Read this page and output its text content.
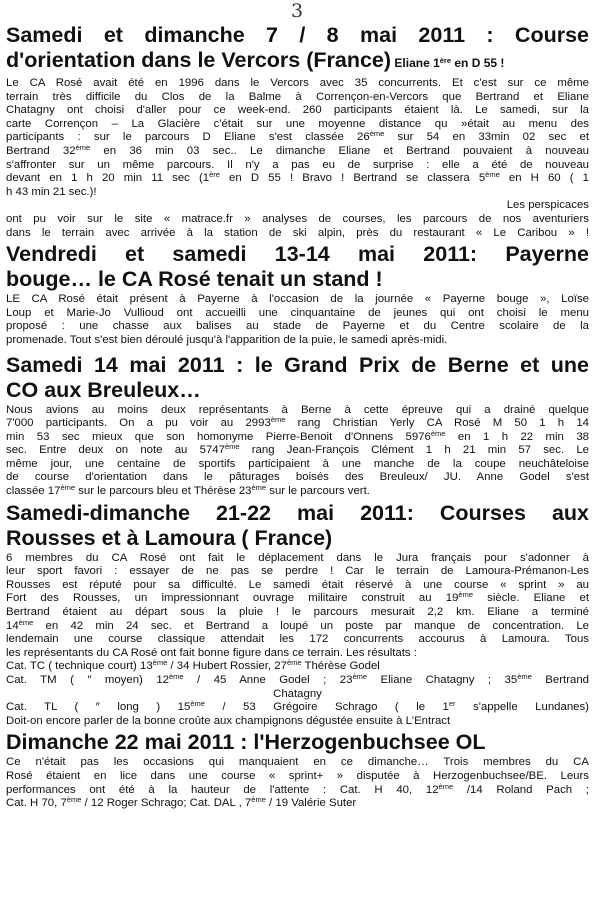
3
Samedi et dimanche 7 / 8 mai 2011 : Course
d'orientation dans le Vercors (France) Eliane 1ère en D 55 !
Le CA Rosé avait été en 1996 dans le Vercors avec 35 concurrents. Et c'est sur ce même
terrain très difficile du Clos de la Balme à Corrençon-en-Vercors que Bertrand et Eliane
Chatagny ont choisi d'aller pour ce week-end. 260 participants étaient là. Le samedi, sur la
carte Corrençon – La Glacière c'était sur une moyenne distance qu »était au menu des
participants : sur le parcours D Eliane s'est classée 26ème sur 54 en 33min 02 sec et
Bertrand 32ème en 36 min 03 sec.. Le dimanche Eliane et Bertrand pouvaient à nouveau
s'affronter sur un même parcours. Il n'y a pas eu de surprise : elle a été de nouveau
devant en 1 h 20 min 11 sec (1ère en D 55 ! Bravo ! Bertrand se classera 5ème en H 60 ( 1
h 43 min 21 sec.)!
Les perspicaces
ont pu voir sur le site « matrace.fr » analyses de courses, les parcours de nos aventuriers
dans le terrain avec arrivée à la station de ski alpin, près du restaurant « Le Caribou » !
Vendredi et samedi 13-14 mai 2011: Payerne
bouge… le CA Rosé tenait un stand !
LE CA Rosé était présent à Payerne à l'occasion de la journée « Payerne bouge », Loïse
Loup et Marie-Jo Vullioud ont accueilli une cinquantaine de jeunes qui ont choisi le menu
proposé : une chasse aux balises au stade de Payerne et du Centre scolaire de la
promenade. Tout s'est bien déroulé jusqu'à l'apparition de la puie, le samedi après-midi.
Samedi 14 mai 2011 : le Grand Prix de Berne et une
CO aux Breuleux…
Nous avions au moins deux représentants à Berne à cette épreuve qui a drainé quelque
7'000 participants. On a pu voir au 2993ème rang Christian Yerly CA Rosé M 50 1 h 14
min 53 sec mieux que son homonyme Pierre-Benoit d'Onnens 5976ème en 1 h 22 min 38
sec. Entre deux on note au 5747ème rang Jean-François Clément 1 h 21 min 57 sec. Le
même jour, une centaine de sportifs participaient à une manche de la coupe neuchâteloise
de course d'orientation dans le pâturages boisés des Breuleux/ JU. Anne Godel s'est
classée 17ème sur le parcours bleu et Thérèse 23ème sur le parcours vert.
Samedi-dimanche 21-22 mai 2011: Courses aux
Rousses et à Lamoura ( France)
6 membres du CA Rosé ont fait le déplacement dans le Jura français pour s'adonner à
leur sport favori : essayer de ne pas se perdre ! Car le terrain de Lamoura-Prémanon-Les
Rousses est réputé pour sa difficulté. Le samedi était réservé à une course « sprint » au
Fort des Rousses, un impressionnant ouvrage militaire construit au 19ème siècle. Eliane et
Bertrand étaient au départ sous la pluie ! le parcours mesurait 2,2 km. Eliane a terminé
14ème en 42 min 24 sec. et Bertrand a loupé un poste par manque de concentration. Le
lendemain une course classique attendait les 172 concurrents accourus à Lamoura. Tous
les représentants du CA Rosé ont fait bonne figure dans ce terrain. Les résultats :
Cat. TC ( technique court) 13ème / 34 Hubert Rossier, 27ème Thérèse Godel
Cat. TM ( ″ moyen) 12ème / 45 Anne Godel ; 23ème Eliane Chatagny ; 35ème Bertrand
Chatagny
Cat. TL ( ″ long ) 15ème / 53 Grégoire Schrago ( le 1er s'appelle Lundanes)
Doit-on encore parler de la bonne croûte aux champignons dégustée ensuite à L'Entract
Dimanche 22 mai 2011 : l'Herzogenbuchsee OL
Ce n'était pas les occasions qui manquaient en ce dimanche… Trois membres du CA
Rosé étaient en lice dans une course « sprint+ » disputée à Herzogenbuchsee/BE. Leurs
performances ont été à la hauteur de l'attente : Cat. H 40, 12ème /14 Roland Pach ;
Cat. H 70, 7ème / 12 Roger Schrago; Cat. DAL , 7ème / 19 Valérie Suter
